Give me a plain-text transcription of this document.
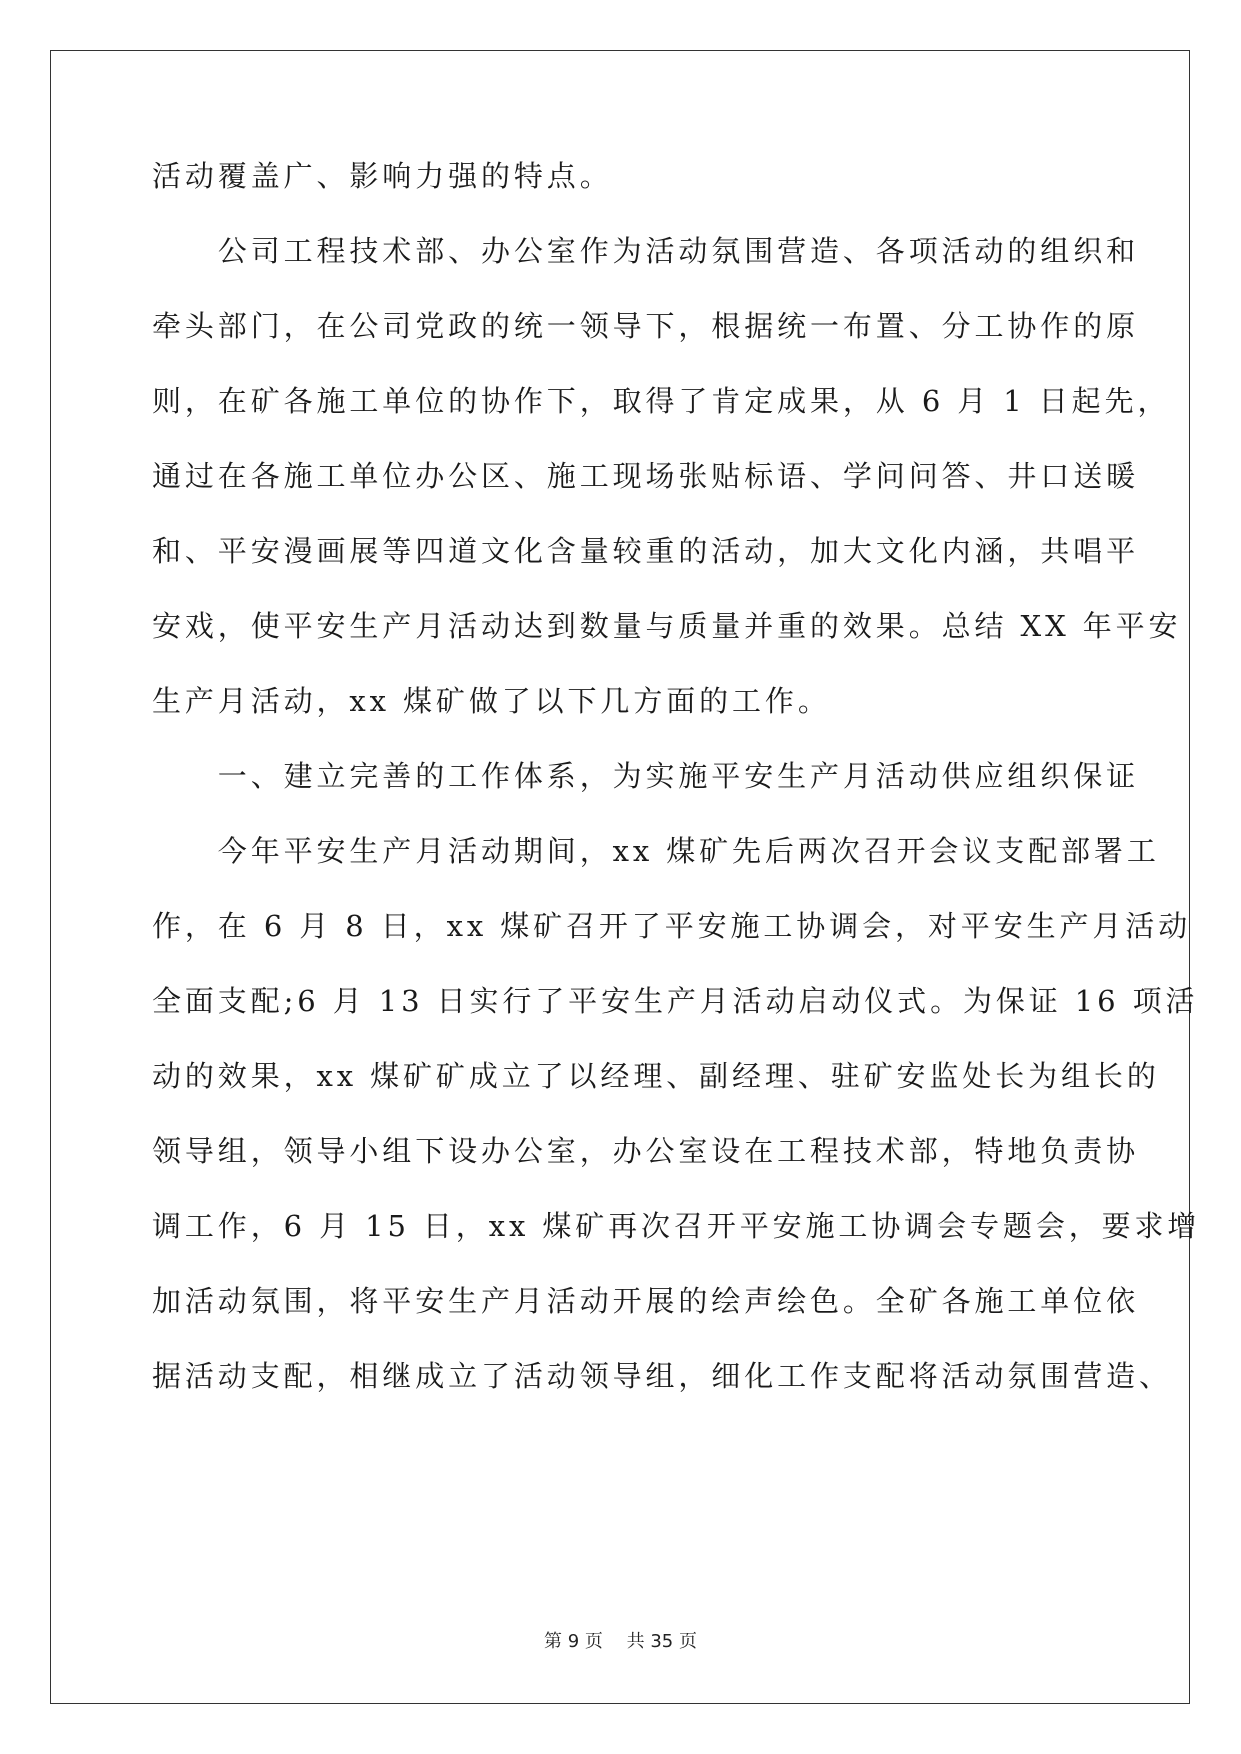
活动覆盖广、影响力强的特点。
　　公司工程技术部、办公室作为活动氛围营造、各项活动的组织和
牵头部门，在公司党政的统一领导下，根据统一布置、分工协作的原
则，在矿各施工单位的协作下，取得了肯定成果，从 6 月 1 日起先，
通过在各施工单位办公区、施工现场张贴标语、学问问答、井口送暖
和、平安漫画展等四道文化含量较重的活动，加大文化内涵，共唱平
安戏，使平安生产月活动达到数量与质量并重的效果。总结 XX 年平安
生产月活动，xx 煤矿做了以下几方面的工作。
　　一、建立完善的工作体系，为实施平安生产月活动供应组织保证
　　今年平安生产月活动期间，xx 煤矿先后两次召开会议支配部署工
作，在 6 月 8 日，xx 煤矿召开了平安施工协调会，对平安生产月活动
全面支配;6 月 13 日实行了平安生产月活动启动仪式。为保证 16 项活
动的效果，xx 煤矿矿成立了以经理、副经理、驻矿安监处长为组长的
领导组，领导小组下设办公室，办公室设在工程技术部，特地负责协
调工作，6 月 15 日，xx 煤矿再次召开平安施工协调会专题会，要求增
加活动氛围，将平安生产月活动开展的绘声绘色。全矿各施工单位依
据活动支配，相继成立了活动领导组，细化工作支配将活动氛围营造、
第 9 页　 共 35 页
